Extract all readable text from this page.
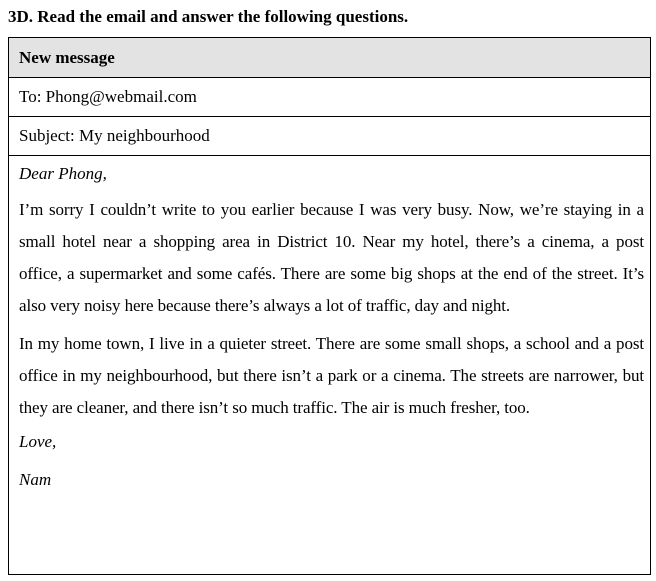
3D. Read the email and answer the following questions.
New message
To: Phong@webmail.com
Subject: My neighbourhood

Dear Phong,

I’m sorry I couldn’t write to you earlier because I was very busy. Now, we’re staying in a small hotel near a shopping area in District 10. Near my hotel, there’s a cinema, a post office, a supermarket and some cafés. There are some big shops at the end of the street. It’s also very noisy here because there’s always a lot of traffic, day and night.

In my home town, I live in a quieter street. There are some small shops, a school and a post office in my neighbourhood, but there isn’t a park or a cinema. The streets are narrower, but they are cleaner, and there isn’t so much traffic. The air is much fresher, too.

Love,

Nam
